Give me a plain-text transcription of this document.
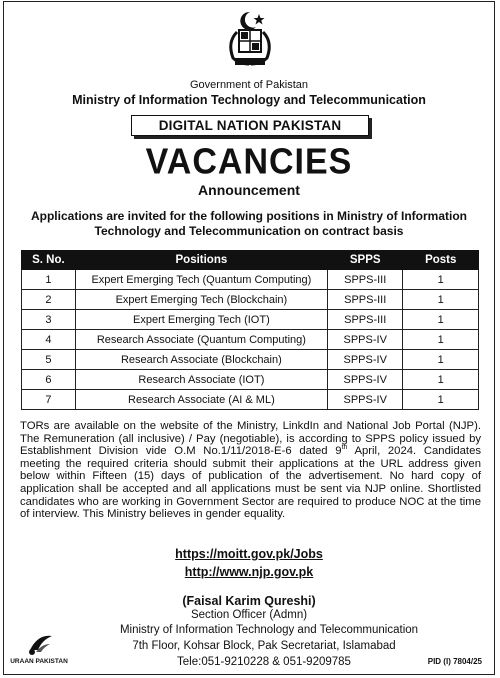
Government of Pakistan
Ministry of Information Technology and Telecommunication
DIGITAL NATION PAKISTAN
VACANCIES
Announcement
Applications are invited for the following positions in Ministry of Information Technology and Telecommunication on contract basis
S. No.	Positions	SPPS	Posts
1	Expert Emerging Tech (Quantum Computing)	SPPS-III	1
2	Expert Emerging Tech (Blockchain)	SPPS-III	1
3	Expert Emerging Tech (IOT)	SPPS-III	1
4	Research Associate (Quantum Computing)	SPPS-IV	1
5	Research Associate (Blockchain)	SPPS-IV	1
6	Research Associate (IOT)	SPPS-IV	1
7	Research Associate (AI & ML)	SPPS-IV	1
TORs are available on the website of the Ministry, LinkdIn and National Job Portal (NJP). The Remuneration (all inclusive) / Pay (negotiable), is according to SPPS policy issued by Establishment Division vide O.M No.1/11/2018-E-6 dated 9th April, 2024. Candidates meeting the required criteria should submit their applications at the URL address given below within Fifteen (15) days of publication of the advertisement. No hard copy of application shall be accepted and all applications must be sent via NJP online. Shortlisted candidates who are working in Government Sector are required to produce NOC at the time of interview. This Ministry believes in gender equality.
https://moitt.gov.pk/Jobs
http://www.njp.gov.pk
(Faisal Karim Qureshi)
Section Officer (Admn)
Ministry of Information Technology and Telecommunication
7th Floor, Kohsar Block, Pak Secretariat, Islamabad
Tele:051-9210228 & 051-9209785
URAAN PAKISTAN	PID (I) 7804/25
